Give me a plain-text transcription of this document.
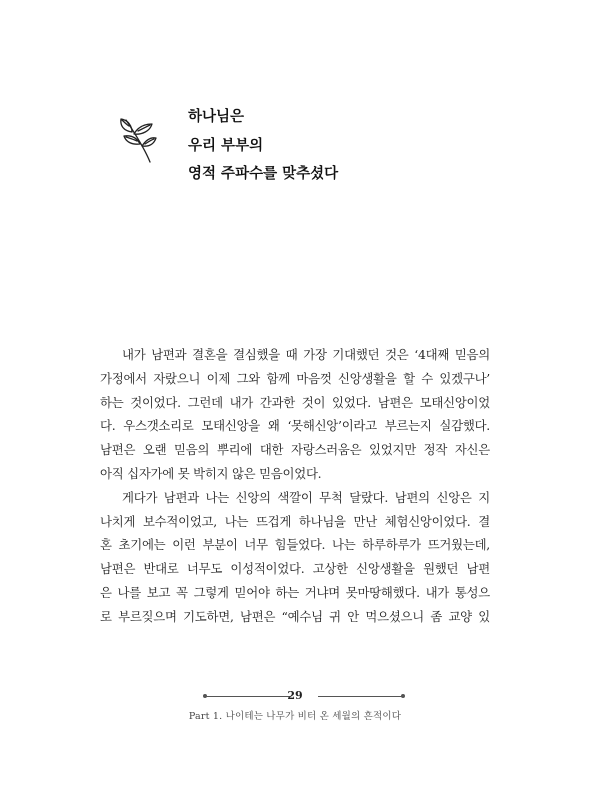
하나님은
우리 부부의
영적 주파수를 맞추셨다
내가 남편과 결혼을 결심했을 때 가장 기대했던 것은 ‘4대째 믿음의
가정에서 자랐으니 이제 그와 함께 마음껏 신앙생활을 할 수 있겠구나’
하는 것이었다. 그런데 내가 간과한 것이 있었다. 남편은 모태신앙이었
다. 우스갯소리로 모태신앙을 왜 ‘못해신앙’이라고 부르는지 실감했다.
남편은 오랜 믿음의 뿌리에 대한 자랑스러움은 있었지만 정작 자신은
아직 십자가에 못 박히지 않은 믿음이었다.
게다가 남편과 나는 신앙의 색깔이 무척 달랐다. 남편의 신앙은 지
나치게 보수적이었고, 나는 뜨겁게 하나님을 만난 체험신앙이었다. 결
혼 초기에는 이런 부분이 너무 힘들었다. 나는 하루하루가 뜨거웠는데,
남편은 반대로 너무도 이성적이었다. 고상한 신앙생활을 원했던 남편
은 나를 보고 꼭 그렇게 믿어야 하는 거냐며 못마땅해했다. 내가 통성으
로 부르짖으며 기도하면, 남편은 “예수님 귀 안 먹으셨으니 좀 교양 있
29
Part 1. 나이테는 나무가 비터 온 세월의 흔적이다
